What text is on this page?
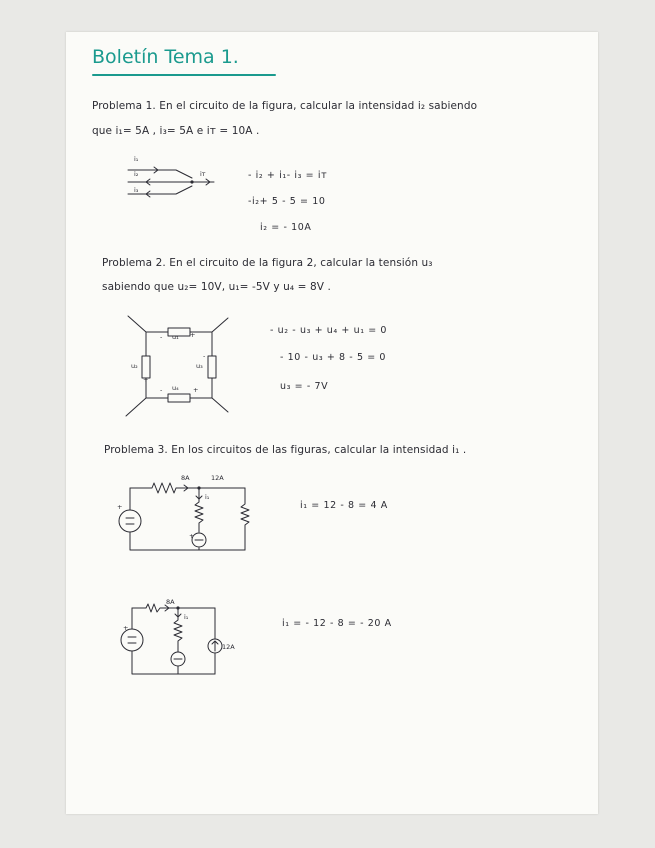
Boletín Tema 1.
Problema 1. En el circuito de la figura, calcular la intensidad i₂ sabiendo
que i₁= 5A , i₃= 5A e iᴛ = 10A .
i₁
i₂
i₃
iᴛ	- i₂ + i₁- i₃ = iᴛ
-i₂+ 5 - 5 = 10
i₂ = - 10A
Problema 2. En el circuito de la figura 2, calcular la tensión u₃
sabiendo que u₂= 10V, u₁= -5V y u₄ = 8V .
u₁
-	+
u₂
-
+
u₃
-
u₄
-	+
- u₂ - u₃ + u₄ + u₁ = 0
- 10 - u₃ + 8 - 5 = 0
u₃ = - 7V
Problema 3. En los circuitos de las figuras, calcular la intensidad i₁ .
8A	12A
i₁
+
+
i₁ = 12 - 8 = 4 A
8A
i₁
+
12A
i₁ = - 12 - 8 = - 20 A
